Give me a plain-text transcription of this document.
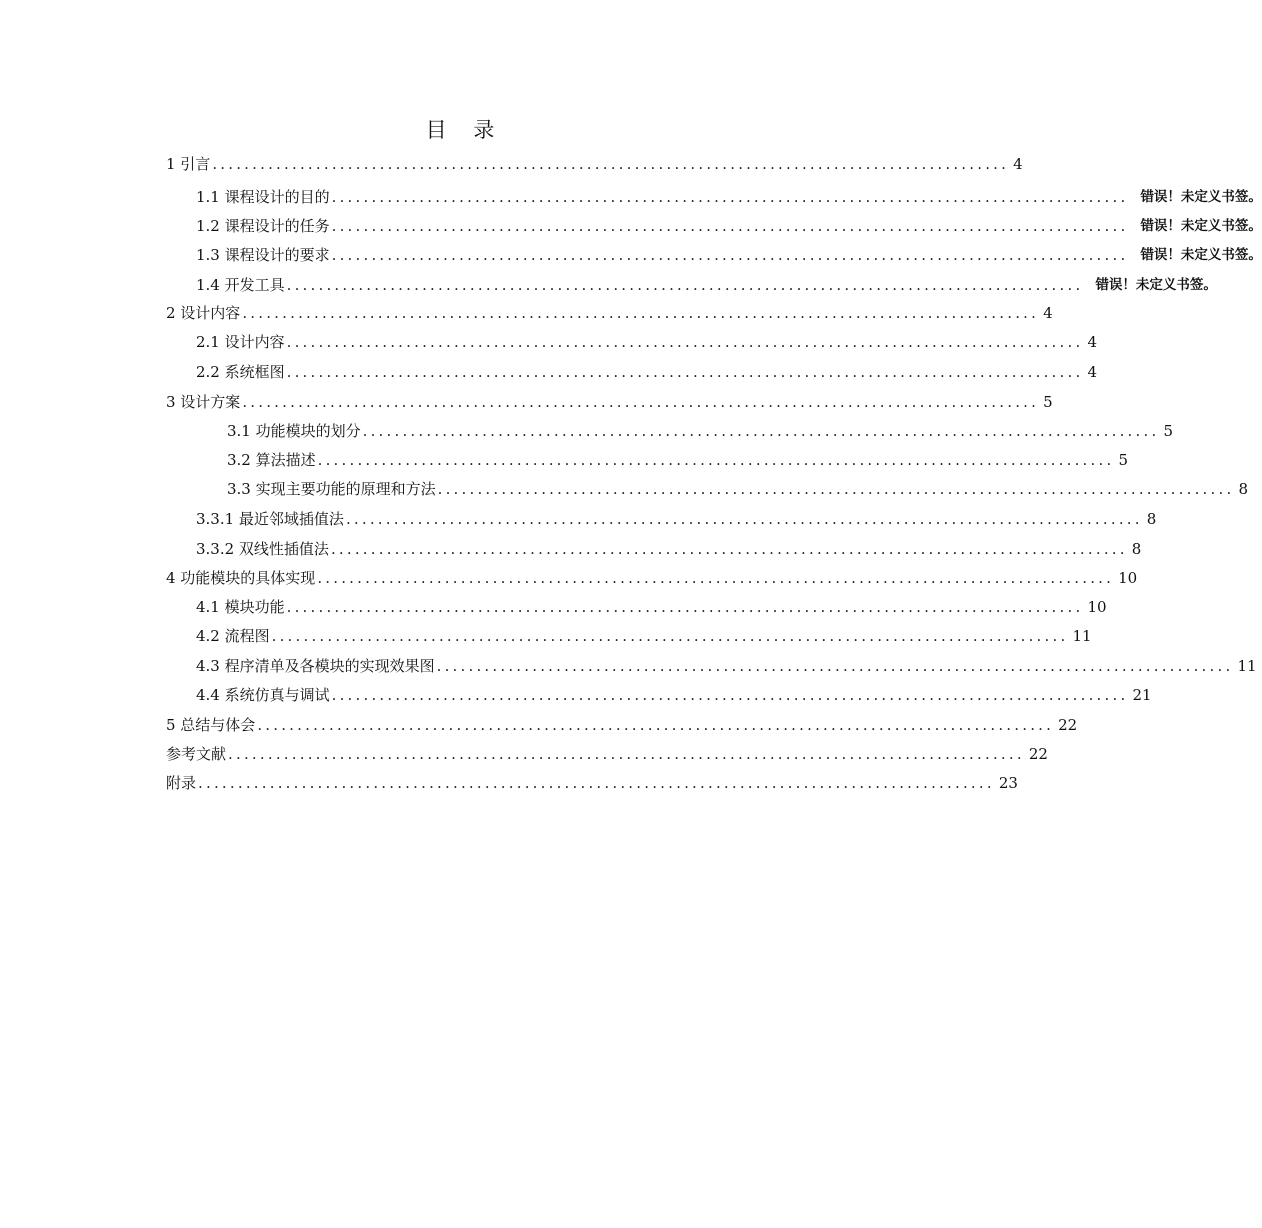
目 录
1 引言 .................................................................................................... 4
1.1 课程设计的目的 .................................................................................................... 错误！未定义书签。
1.2 课程设计的任务 .................................................................................................... 错误！未定义书签。
1.3 课程设计的要求 .................................................................................................... 错误！未定义书签。
1.4 开发工具 .................................................................................................... 错误！未定义书签。
2 设计内容 .................................................................................................... 4
2.1 设计内容 .................................................................................................... 4
2.2 系统框图 .................................................................................................... 4
3 设计方案 .................................................................................................... 5
3.1 功能模块的划分 .................................................................................................... 5
3.2 算法描述 .................................................................................................... 5
3.3 实现主要功能的原理和方法 .................................................................................................... 8
3.3.1 最近邻域插值法 .................................................................................................... 8
3.3.2 双线性插值法 .................................................................................................... 8
4 功能模块的具体实现 .................................................................................................... 10
4.1 模块功能 .................................................................................................... 10
4.2 流程图 .................................................................................................... 11
4.3 程序清单及各模块的实现效果图 .................................................................................................... 11
4.4 系统仿真与调试 .................................................................................................... 21
5 总结与体会 .................................................................................................... 22
参考文献 .................................................................................................... 22
附录 .................................................................................................... 23
